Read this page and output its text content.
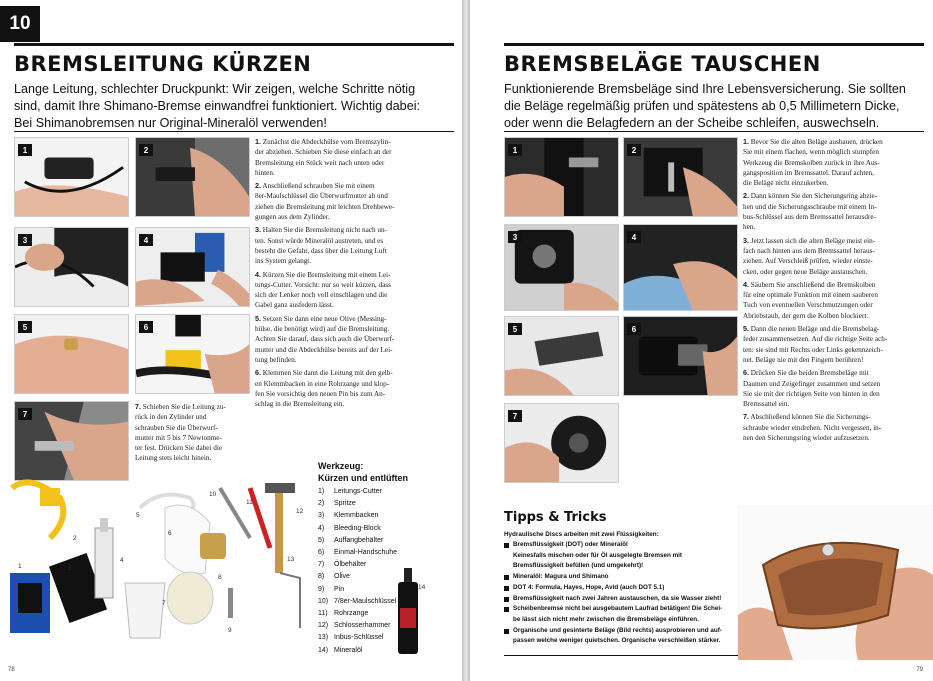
10
BREMSLEITUNG KÜRZEN
Lange Leitung, schlechter Druckpunkt: Wir zeigen, welche Schritte nötig
sind, damit Ihre Shimano-Bremse einwandfrei funktioniert. Wichtig dabei:
Bei Shimanobremsen nur Original-Mineralöl verwenden!
1	2
3	4
5	6
7

1. Zunächst die Abdeckhülse vom Bremszylin-
der abziehen. Schieben Sie diese einfach an der
Bremsleitung ein Stück weit nach unten oder
hinten.

2. Anschließend schrauben Sie mit einem
8er-Maulschlüssel die Überwurfmutter ab und
ziehen die Bremsleitung mit leichten Drehbewe-
gungen aus dem Zylinder.

3. Halten Sie die Bremsleitung nicht nach un-
ten. Sonst würde Mineralöl austreten, und es
besteht die Gefahr, dass über die Leitung Luft
ins System gelangt.

4. Kürzen Sie die Bremsleitung mit einem Lei-
tungs-Cutter. Vorsicht: nur so weit kürzen, dass
sich der Lenker noch voll einschlagen und die
Gabel ganz ausfedern lässt.

5. Setzen Sie dann eine neue Olive (Messing-
hülse, die benötigt wird) auf die Bremsleitung.
Achten Sie darauf, dass sich auch die Überwurf-
mutter und die Abdeckhülse bereits auf der Lei-
tung befinden.

6. Klemmen Sie dann die Leitung mit den gelb-
en Klemmbacken in eine Rohrzange und klop-
fen Sie vorsichtig den neuen Pin bis zum An-
schlag in die Bremsleitung ein.

7. Schieben Sie die Leitung zu-
rück in den Zylinder und
schrauben Sie die Überwurf-
mutter mit 5 bis 7 Newtonme-
ter fest. Drücken Sie dabei die
Leitung stets leicht hinein.

1
2
3
4
5
6
7
8
9
10
11
12
13
14
Werkzeug:
Kürzen und entlüften
1)	Leitungs-Cutter
2)	Spritze
3)	Klemmbacken
4)	Bleeding-Block
5)	Auffangbehälter
6)	Einmal-Handschuhe
7)	Ölbehälter
8)	Olive
9)	Pin
10) 7/8er-Maulschlüssel
11) Rohrzange
12) Schlosserhammer
13) Inbus-Schlüssel
14) Mineralöl
78
BREMSBELÄGE TAUSCHEN
Funktionierende Bremsbeläge sind Ihre Lebensversicherung. Sie sollten
die Beläge regelmäßig prüfen und spätestens ab 0,5 Millimetern Dicke,
oder wenn die Belagfedern an der Scheibe schleifen, auswechseln.
1	2
3	4
5	6
7

1. Bevor Sie die alten Beläge ausbauen, drücken
Sie mit einem flachen, wenn möglich stumpfen
Werkzeug die Bremskolben zurück in ihre Aus-
gangsposition im Bremssattel. Darauf achten,
die Beläge nicht einzukerben.

2. Dann können Sie den Sicherungsring abzie-
hen und die Sicherungsschraube mit einem In-
bus-Schlüssel aus dem Bremssattel herausdre-
hen.

3. Jetzt lassen sich die alten Beläge meist ein-
fach nach hinten aus dem Bremssattel heraus-
ziehen. Auf Verschleiß prüfen, wieder einste-
cken, oder gegen neue Beläge austauschen.

4. Säubern Sie anschließend die Bremskolben
für eine optimale Funktion mit einem sauberen
Tuch von eventuellen Verschmutzungen oder
Abriebstaub, der gern die Kolben blockiert.

5. Dann die neuen Beläge und die Bremsbelag-
feder zusammensetzen. Auf die richtige Seite ach-
ten: sie sind mit Rechts oder Links gekennzeich-
net. Beläge nie mit den Fingern berühren!

6. Drücken Sie die beiden Bremsbeläge mit
Daumen und Zeigefinger zusammen und setzen
Sie sie mit der richtigen Seite von hinten in den
Bremssattel ein.

7. Abschließend können Sie die Sicherungs-
schraube wieder eindrehen. Nicht vergessen, in-
nen den Sicherungsring wieder aufzusetzen.

Tipps & Tricks
Hydraulische Discs arbeiten mit zwei Flüssigkeiten:
Bremsflüssigkeit (DOT) oder Mineralöl
Keinesfalls mischen oder für Öl ausgelegte Bremsen mit
Bremsflüssigkeit befüllen (und umgekehrt)!
Mineralöl: Magura und Shimano
DOT 4: Formula, Hayes, Hope, Avid (auch DOT 5.1)
Bremsflüssigkeit nach zwei Jahren austauschen, da sie Wasser zieht!
Scheibenbremse nicht bei ausgebautem Laufrad betätigen! Die Schei-
be lässt sich nicht mehr zwischen die Bremsbeläge einführen.
Organische und gesinterte Beläge (Bild rechts) ausprobieren und auf-
passen welche weniger quietschen. Organische verschleißen stärker.
79
